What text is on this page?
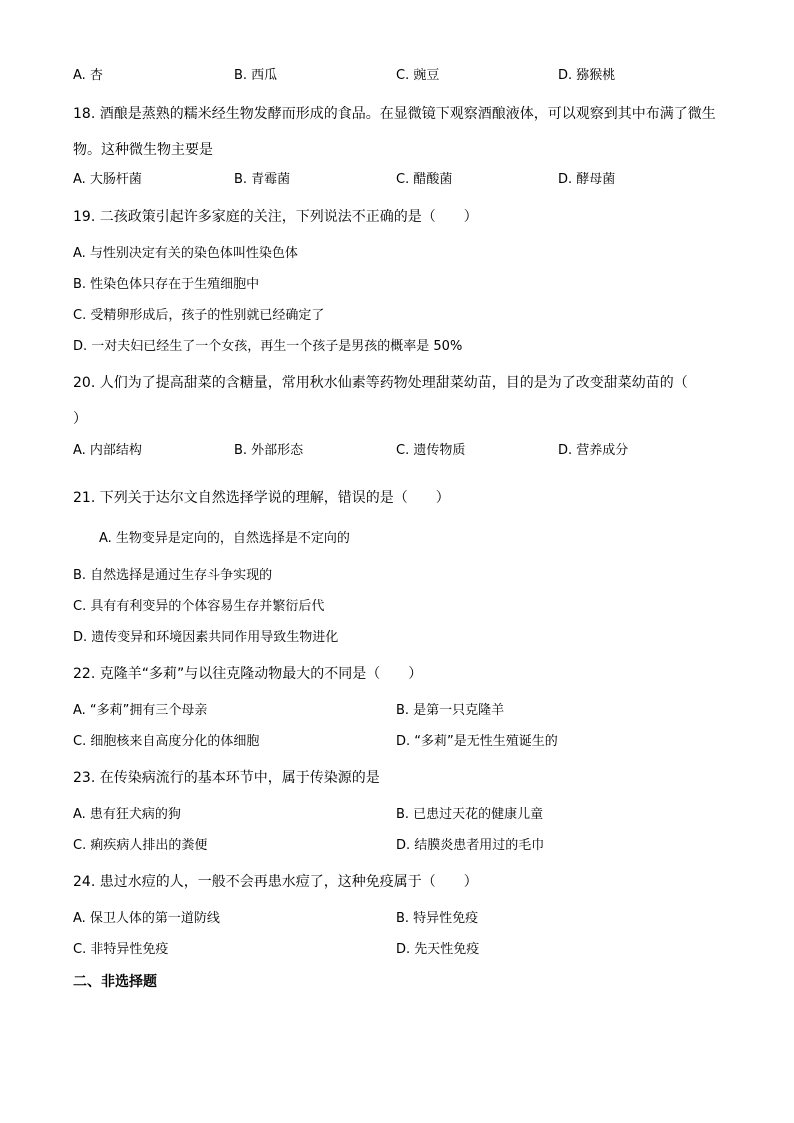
A. 杏	B. 西瓜	C. 豌豆	D. 猕猴桃
18. 酒酿是蒸熟的糯米经生物发酵而形成的食品。在显微镜下观察酒酿液体，可以观察到其中布满了微生
物。这种微生物主要是
A. 大肠杆菌	B. 青霉菌	C. 醋酸菌	D. 酵母菌
19. 二孩政策引起许多家庭的关注，下列说法不正确的是（　　）
A. 与性别决定有关的染色体叫性染色体
B. 性染色体只存在于生殖细胞中
C. 受精卵形成后，孩子的性别就已经确定了
D. 一对夫妇已经生了一个女孩，再生一个孩子是男孩的概率是 50%
20. 人们为了提高甜菜的含糖量，常用秋水仙素等药物处理甜菜幼苗，目的是为了改变甜菜幼苗的（
）
A. 内部结构	B. 外部形态	C. 遗传物质	D. 营养成分
21. 下列关于达尔文自然选择学说的理解，错误的是（　　）
A. 生物变异是定向的，自然选择是不定向的
B. 自然选择是通过生存斗争实现的
C. 具有有利变异的个体容易生存并繁衍后代
D. 遗传变异和环境因素共同作用导致生物进化
22. 克隆羊“多莉”与以往克隆动物最大的不同是（　　）
A. “多莉”拥有三个母亲	B. 是第一只克隆羊
C. 细胞核来自高度分化的体细胞	D. “多莉”是无性生殖诞生的
23. 在传染病流行的基本环节中，属于传染源的是
A. 患有狂犬病的狗	B. 已患过天花的健康儿童
C. 痢疾病人排出的粪便	D. 结膜炎患者用过的毛巾
24. 患过水痘的人，一般不会再患水痘了，这种免疫属于（　　）
A. 保卫人体的第一道防线	B. 特异性免疫
C. 非特异性免疫	D. 先天性免疫
二、非选择题
